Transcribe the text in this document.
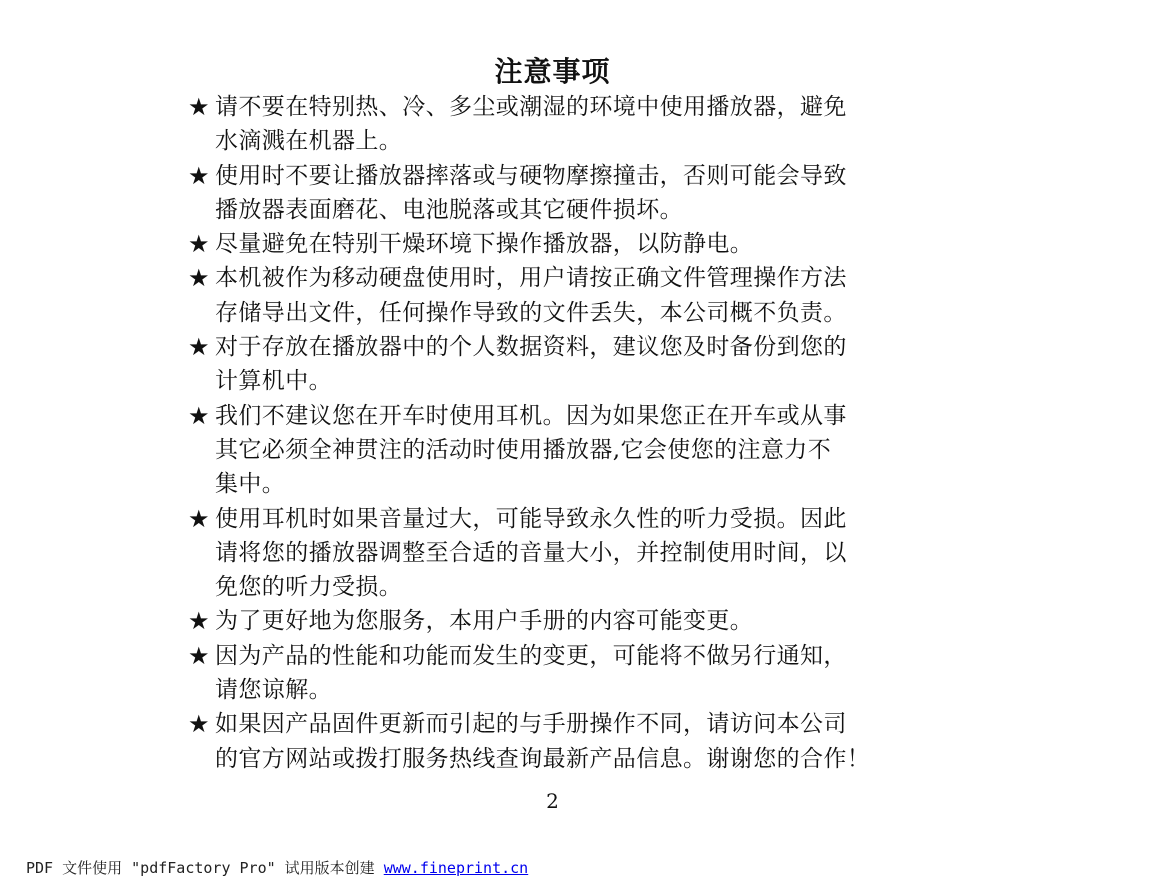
注意事项
★ 请不要在特别热、冷、多尘或潮湿的环境中使用播放器，避免
水滴溅在机器上。
★ 使用时不要让播放器摔落或与硬物摩擦撞击，否则可能会导致
播放器表面磨花、电池脱落或其它硬件损坏。
★ 尽量避免在特别干燥环境下操作播放器，以防静电。
★ 本机被作为移动硬盘使用时，用户请按正确文件管理操作方法
存储导出文件，任何操作导致的文件丢失，本公司概不负责。
★ 对于存放在播放器中的个人数据资料，建议您及时备份到您的
计算机中。
★ 我们不建议您在开车时使用耳机。因为如果您正在开车或从事
其它必须全神贯注的活动时使用播放器,它会使您的注意力不
集中。
★ 使用耳机时如果音量过大，可能导致永久性的听力受损。因此
请将您的播放器调整至合适的音量大小，并控制使用时间，以
免您的听力受损。
★ 为了更好地为您服务，本用户手册的内容可能变更。
★ 因为产品的性能和功能而发生的变更，可能将不做另行通知，
请您谅解。
★ 如果因产品固件更新而引起的与手册操作不同，请访问本公司
的官方网站或拨打服务热线查询最新产品信息。谢谢您的合作！
2
PDF 文件使用 "pdfFactory Pro" 试用版本创建 www.fineprint.cn
